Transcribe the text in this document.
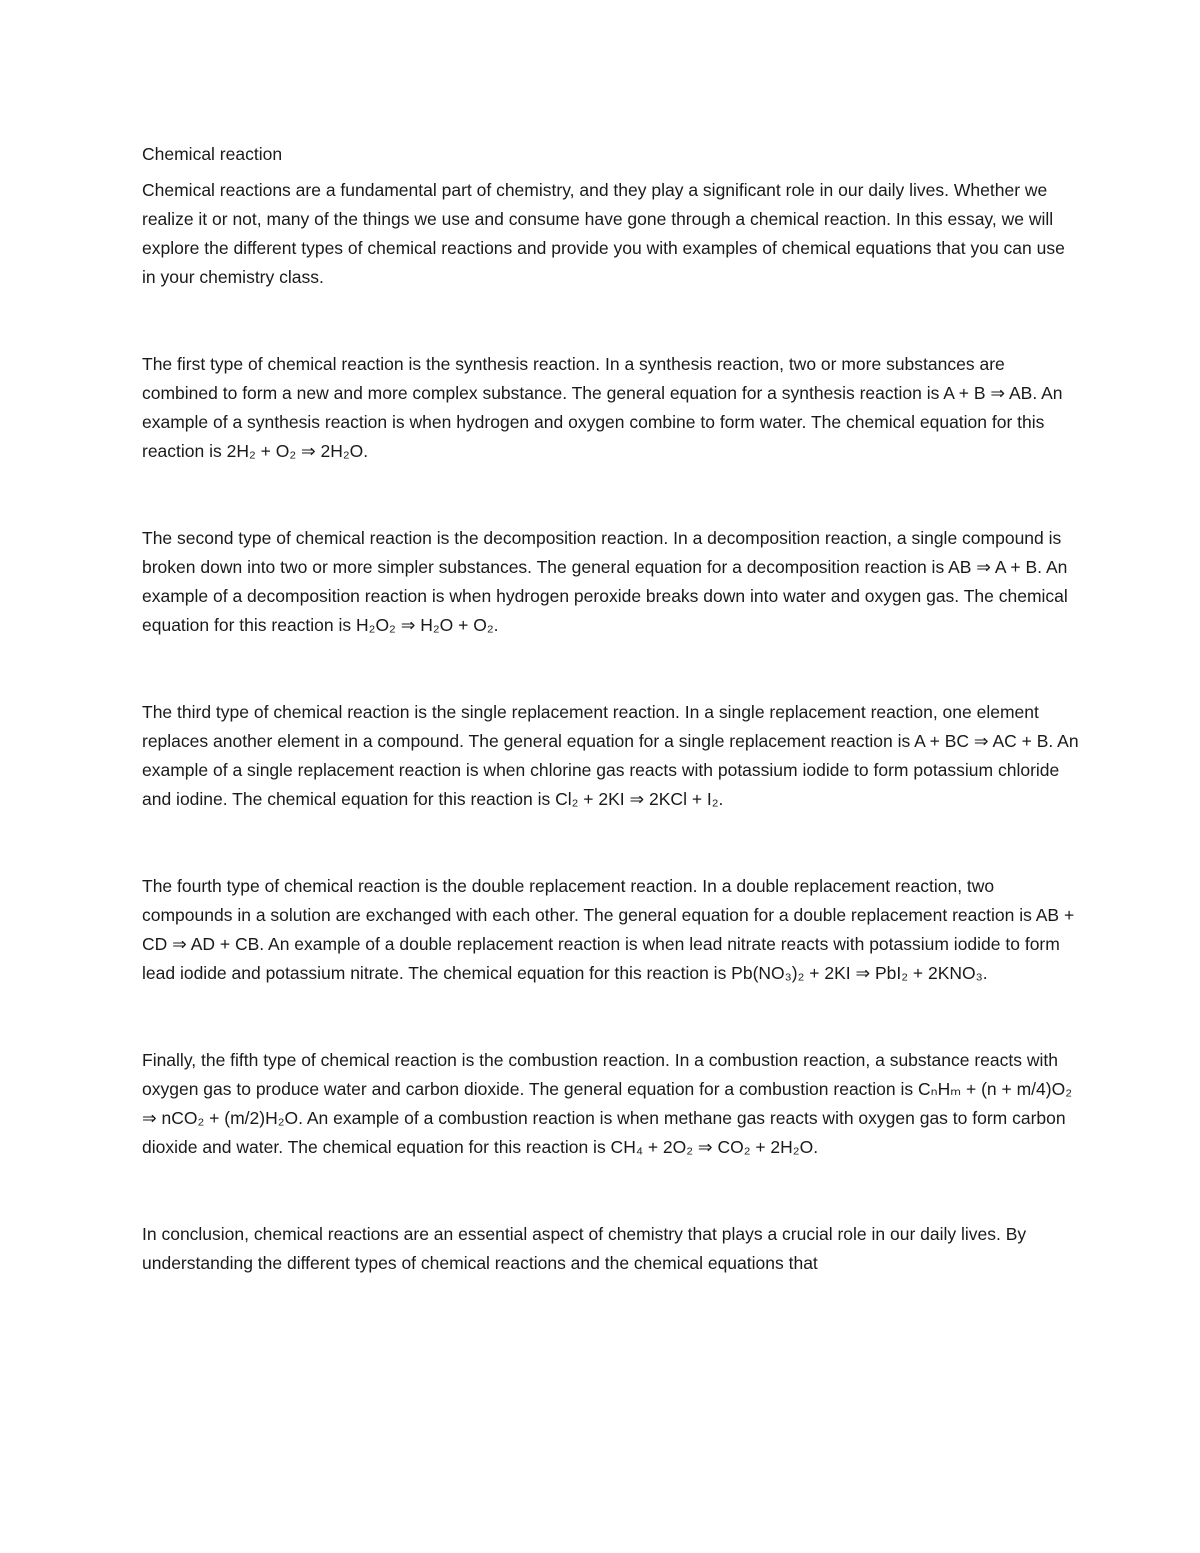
Chemical reaction

Chemical reactions are a fundamental part of chemistry, and they play a significant role in our daily lives. Whether we realize it or not, many of the things we use and consume have gone through a chemical reaction. In this essay, we will explore the different types of chemical reactions and provide you with examples of chemical equations that you can use in your chemistry class.

The first type of chemical reaction is the synthesis reaction. In a synthesis reaction, two or more substances are combined to form a new and more complex substance. The general equation for a synthesis reaction is A + B ⇒ AB. An example of a synthesis reaction is when hydrogen and oxygen combine to form water. The chemical equation for this reaction is 2H₂ + O₂ ⇒ 2H₂O.

The second type of chemical reaction is the decomposition reaction. In a decomposition reaction, a single compound is broken down into two or more simpler substances. The general equation for a decomposition reaction is AB ⇒ A + B. An example of a decomposition reaction is when hydrogen peroxide breaks down into water and oxygen gas. The chemical equation for this reaction is H₂O₂ ⇒ H₂O + O₂.

The third type of chemical reaction is the single replacement reaction. In a single replacement reaction, one element replaces another element in a compound. The general equation for a single replacement reaction is A + BC ⇒ AC + B. An example of a single replacement reaction is when chlorine gas reacts with potassium iodide to form potassium chloride and iodine. The chemical equation for this reaction is Cl₂ + 2KI ⇒ 2KCl + I₂.

The fourth type of chemical reaction is the double replacement reaction. In a double replacement reaction, two compounds in a solution are exchanged with each other. The general equation for a double replacement reaction is AB + CD ⇒ AD + CB. An example of a double replacement reaction is when lead nitrate reacts with potassium iodide to form lead iodide and potassium nitrate. The chemical equation for this reaction is Pb(NO₃)₂ + 2KI ⇒ PbI₂ + 2KNO₃.

Finally, the fifth type of chemical reaction is the combustion reaction. In a combustion reaction, a substance reacts with oxygen gas to produce water and carbon dioxide. The general equation for a combustion reaction is CₙHₘ + (n + m/4)O₂ ⇒ nCO₂ + (m/2)H₂O. An example of a combustion reaction is when methane gas reacts with oxygen gas to form carbon dioxide and water. The chemical equation for this reaction is CH₄ + 2O₂ ⇒ CO₂ + 2H₂O.

In conclusion, chemical reactions are an essential aspect of chemistry that plays a crucial role in our daily lives. By understanding the different types of chemical reactions and the chemical equations that
